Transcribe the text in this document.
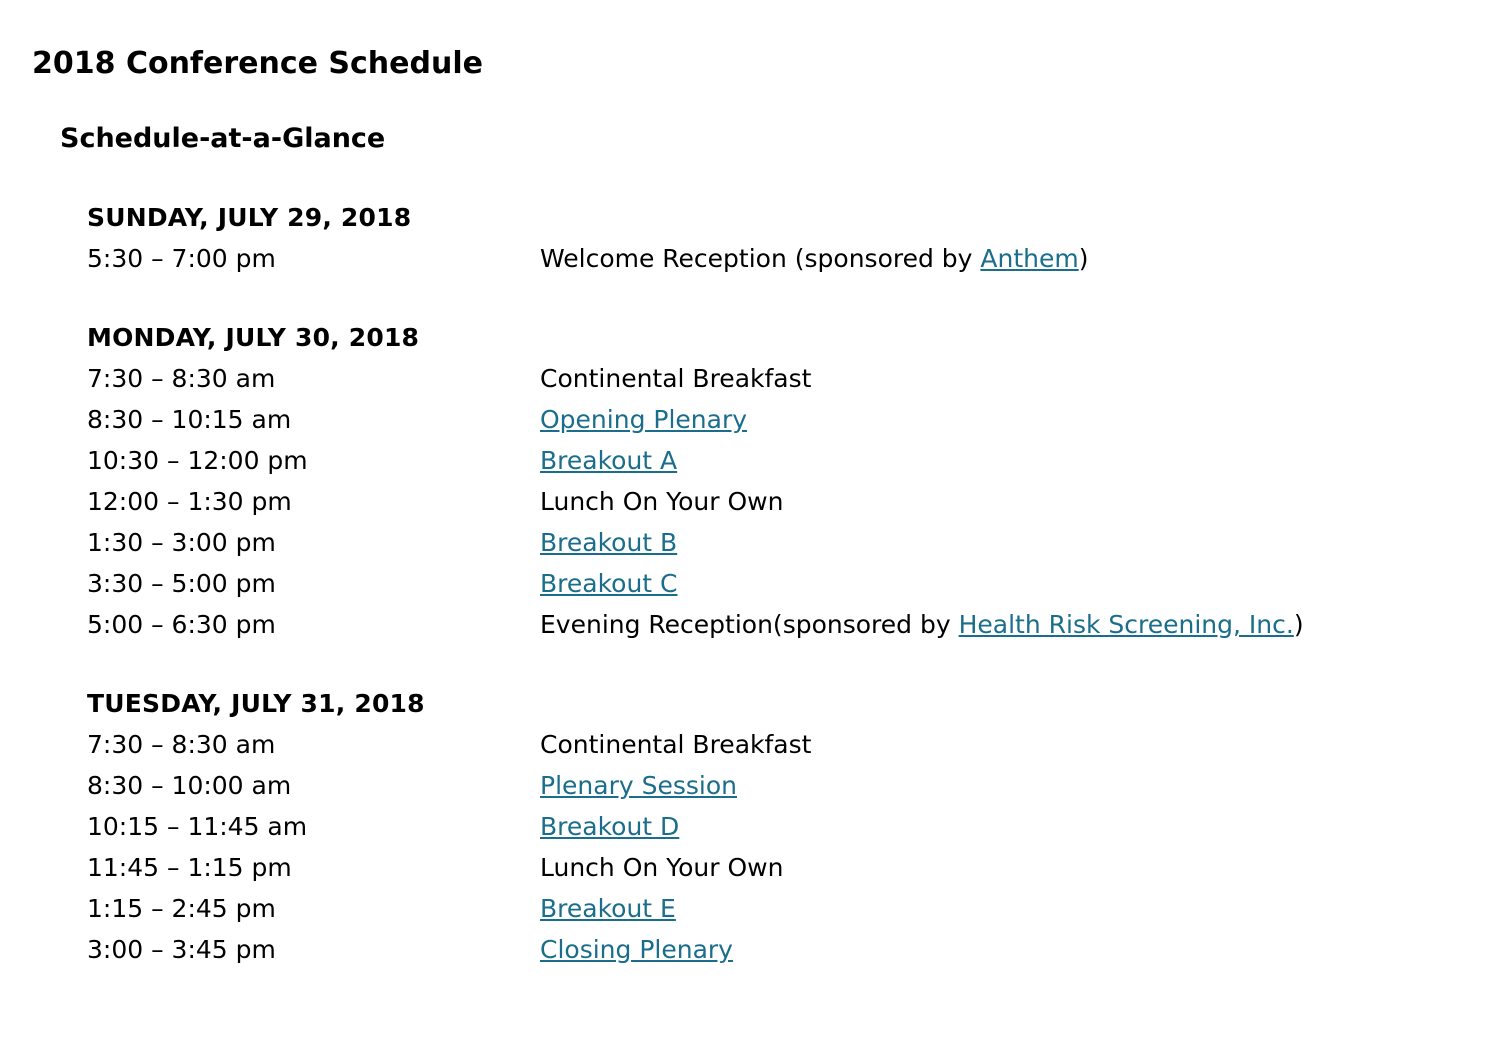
2018 Conference Schedule
Schedule-at-a-Glance
SUNDAY, JULY 29, 2018
5:30 – 7:00 pm	Welcome Reception (sponsored by Anthem)
MONDAY, JULY 30, 2018
7:30 – 8:30 am	Continental Breakfast
8:30 – 10:15 am	Opening Plenary
10:30 – 12:00 pm	Breakout A
12:00 – 1:30 pm	Lunch On Your Own
1:30 – 3:00 pm	Breakout B
3:30 – 5:00 pm	Breakout C
5:00 – 6:30 pm	Evening Reception(sponsored by Health Risk Screening, Inc.)
TUESDAY, JULY 31, 2018
7:30 – 8:30 am	Continental Breakfast
8:30 – 10:00 am	Plenary Session
10:15 – 11:45 am	Breakout D
11:45 – 1:15 pm	Lunch On Your Own
1:15 – 2:45 pm	Breakout E
3:00 – 3:45 pm	Closing Plenary
